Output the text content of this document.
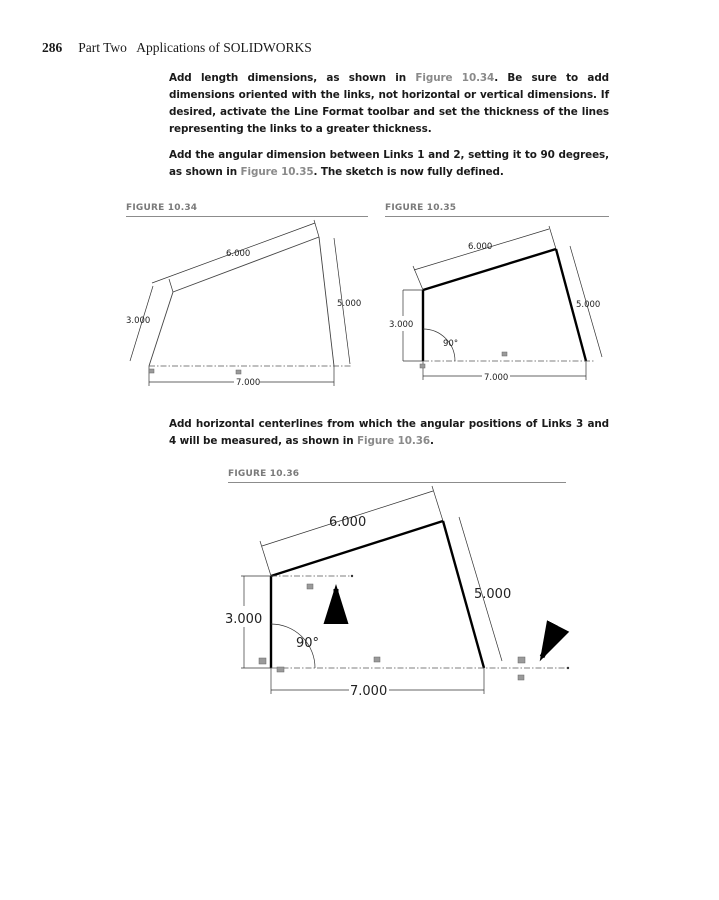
286 Part Two   Applications of SOLIDWORKS

Add length dimensions, as shown in Figure 10.34. Be sure to add dimensions oriented with the links, not horizontal or vertical dimensions. If desired, activate the Line Format toolbar and set the thickness of the lines representing the links to a greater thickness.

Add the angular dimension between Links 1 and 2, setting it to 90 degrees, as shown in Figure 10.35. The sketch is now fully defined.

FIGURE 10.34
6.000
5.000
3.000
7.000
FIGURE 10.35
6.000
5.000
3.000
90°
7.000

Add horizontal centerlines from which the angular positions of Links 3 and 4 will be measured, as shown in Figure 10.36.

FIGURE 10.36
6.000
5.000
3.000
90°
7.000
